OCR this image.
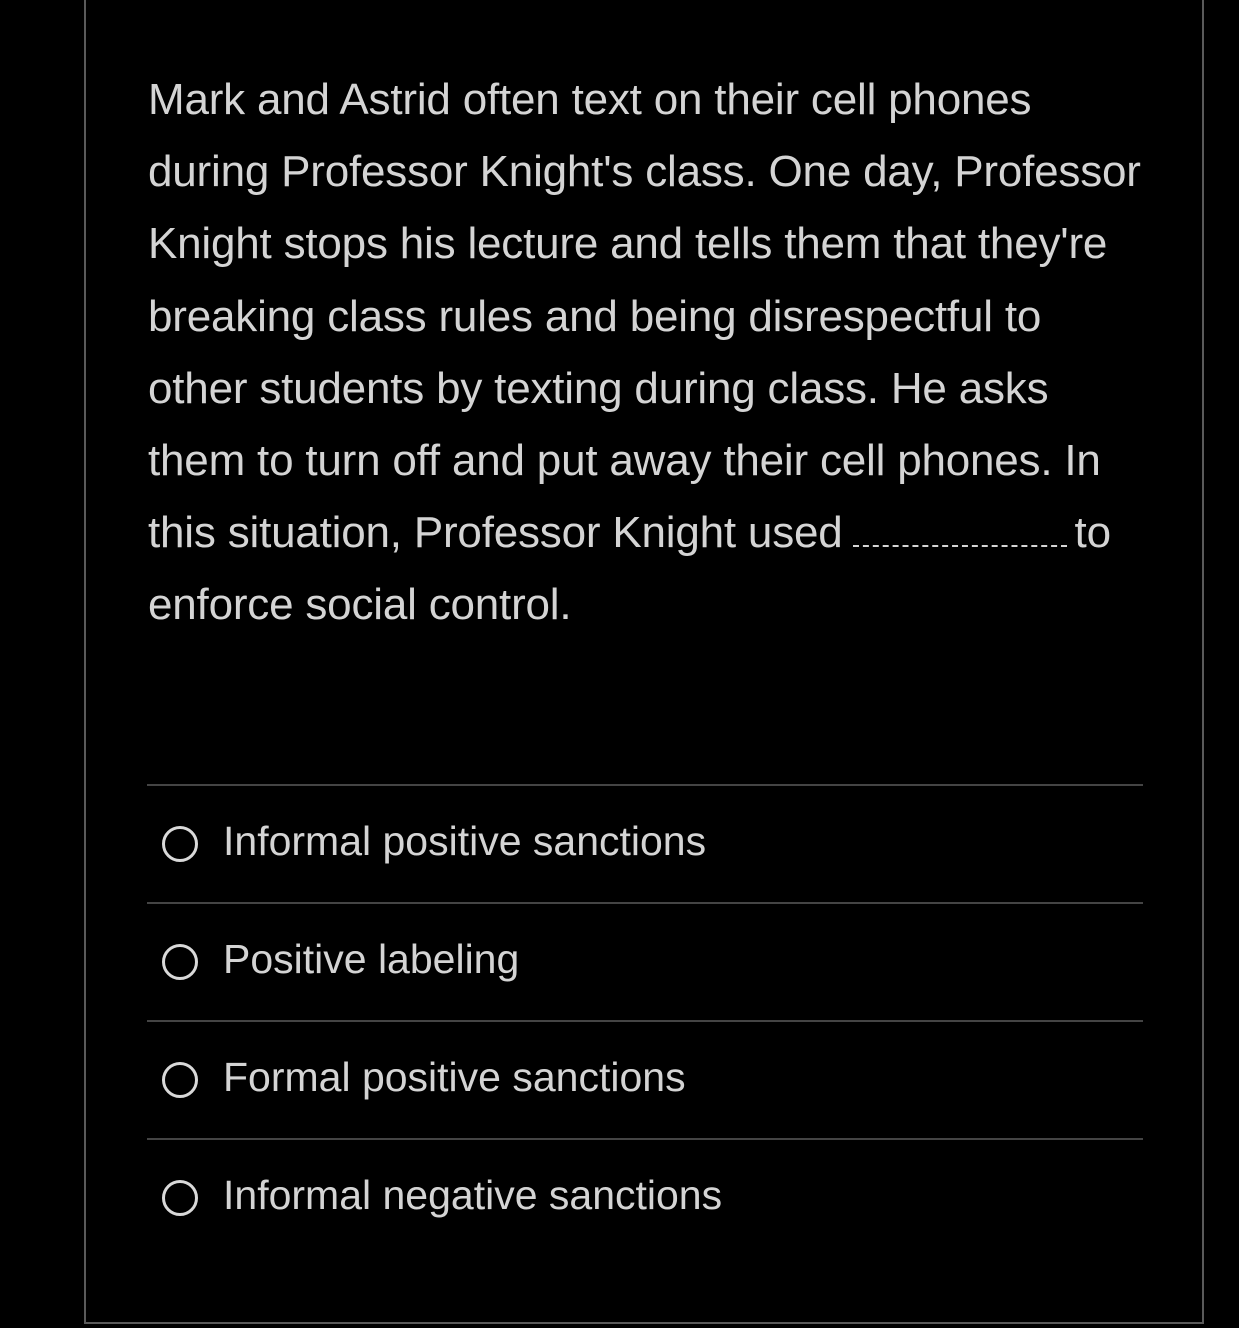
Mark and Astrid often text on their cell phones during Professor Knight's class. One day, Professor Knight stops his lecture and tells them that they're breaking class rules and being disrespectful to other students by texting during class. He asks them to turn off and put away their cell phones. In this situation, Professor Knight used	to enforce social control.
Informal positive sanctions
Positive labeling
Formal positive sanctions
Informal negative sanctions
